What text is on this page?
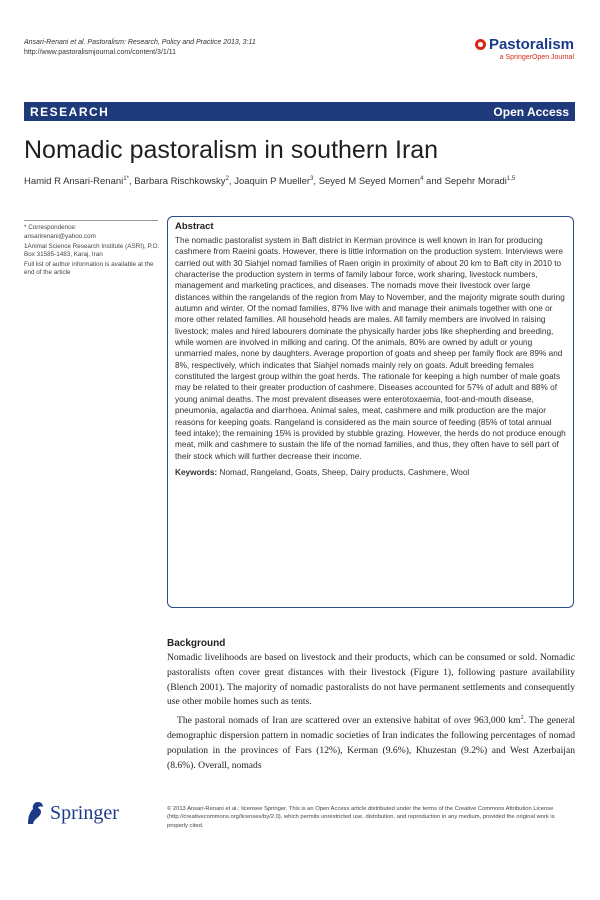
Ansari-Renani et al. Pastoralism: Research, Policy and Practice 2013, 3:11
http://www.pastoralismjournal.com/content/3/1/11	Pastoralism
a SpringerOpen Journal
RESEARCH	Open Access
Nomadic pastoralism in southern Iran
Hamid R Ansari-Renani$^{1*}$, Barbara Rischkowsky$^2$, Joaquin P Mueller$^3$, Seyed M Seyed Momen$^4$ and Sepehr Moradi$^{1,5}$

* Correspondence:

ansarirenani@yahoo.com

1Animal Science Research Institute (ASRI), P.O. Box 31585-1483, Karaj, Iran

Full list of author information is available at the end of the article

Abstract
The nomadic pastoralist system in Baft district in Kerman province is well known in Iran for producing cashmere from Raeini goats. However, there is little information on the production system. Interviews were carried out with 30 Siahjel nomad families of Raen origin in proximity of about 20 km to Baft city in 2010 to characterise the production system in terms of family labour force, work sharing, livestock numbers, management and marketing practices, and diseases. The nomads move their livestock over large distances within the rangelands of the region from May to November, and the majority migrate south during autumn and winter. Of the nomad families, 87% live with and manage their animals together with one or more other related families. All household heads are males. All family members are involved in raising livestock; males and hired labourers dominate the physically harder jobs like shepherding and breeding, while women are involved in milking and caring. Of the animals, 80% are owned by adult or young unmarried males, none by daughters. Average proportion of goats and sheep per family flock are 89% and 8%, respectively, which indicates that Siahjel nomads mainly rely on goats. Adult breeding females constituted the largest group within the goat herds. The rationale for keeping a high number of male goats may be related to their greater production of cashmere. Diseases accounted for 57% of adult and 88% of young animal deaths. The most prevalent diseases were enterotoxaemia, foot-and-mouth disease, pneumonia, agalactia and diarrhoea. Animal sales, meat, cashmere and milk production are the major reasons for keeping goats. Rangeland is considered as the main source of feeding (85% of total annual feed intake); the remaining 15% is provided by stubble grazing. However, the herds do not produce enough meat, milk and cashmere to sustain the life of the nomad families, and thus, they often have to sell part of their stock which will further decrease their income.
Keywords: Nomad, Rangeland, Goats, Sheep, Dairy products, Cashmere, Wool
Background

Nomadic livelihoods are based on livestock and their products, which can be consumed or sold. Nomadic pastoralists often cover great distances with their livestock (Figure 1), following pasture availability (Blench 2001). The majority of nomadic pastoralists do not have permanent settlements and consequently use other mobile homes such as tents.

The pastoral nomads of Iran are scattered over an extensive habitat of over 963,000 $km^2$. The general demographic dispersion pattern in nomadic societies of Iran indicates the following percentages of nomad population in the provinces of Fars (12%), Kerman (9.6%), Khuzestan (9.2%) and West Azerbaijan (8.6%). Overall, nomads

Springer	© 2013 Ansari-Renani et al.; licensee Springer. This is an Open Access article distributed under the terms of the Creative Commons Attribution License (http://creativecommons.org/licenses/by/2.0), which permits unrestricted use, distribution, and reproduction in any medium, provided the original work is properly cited.
